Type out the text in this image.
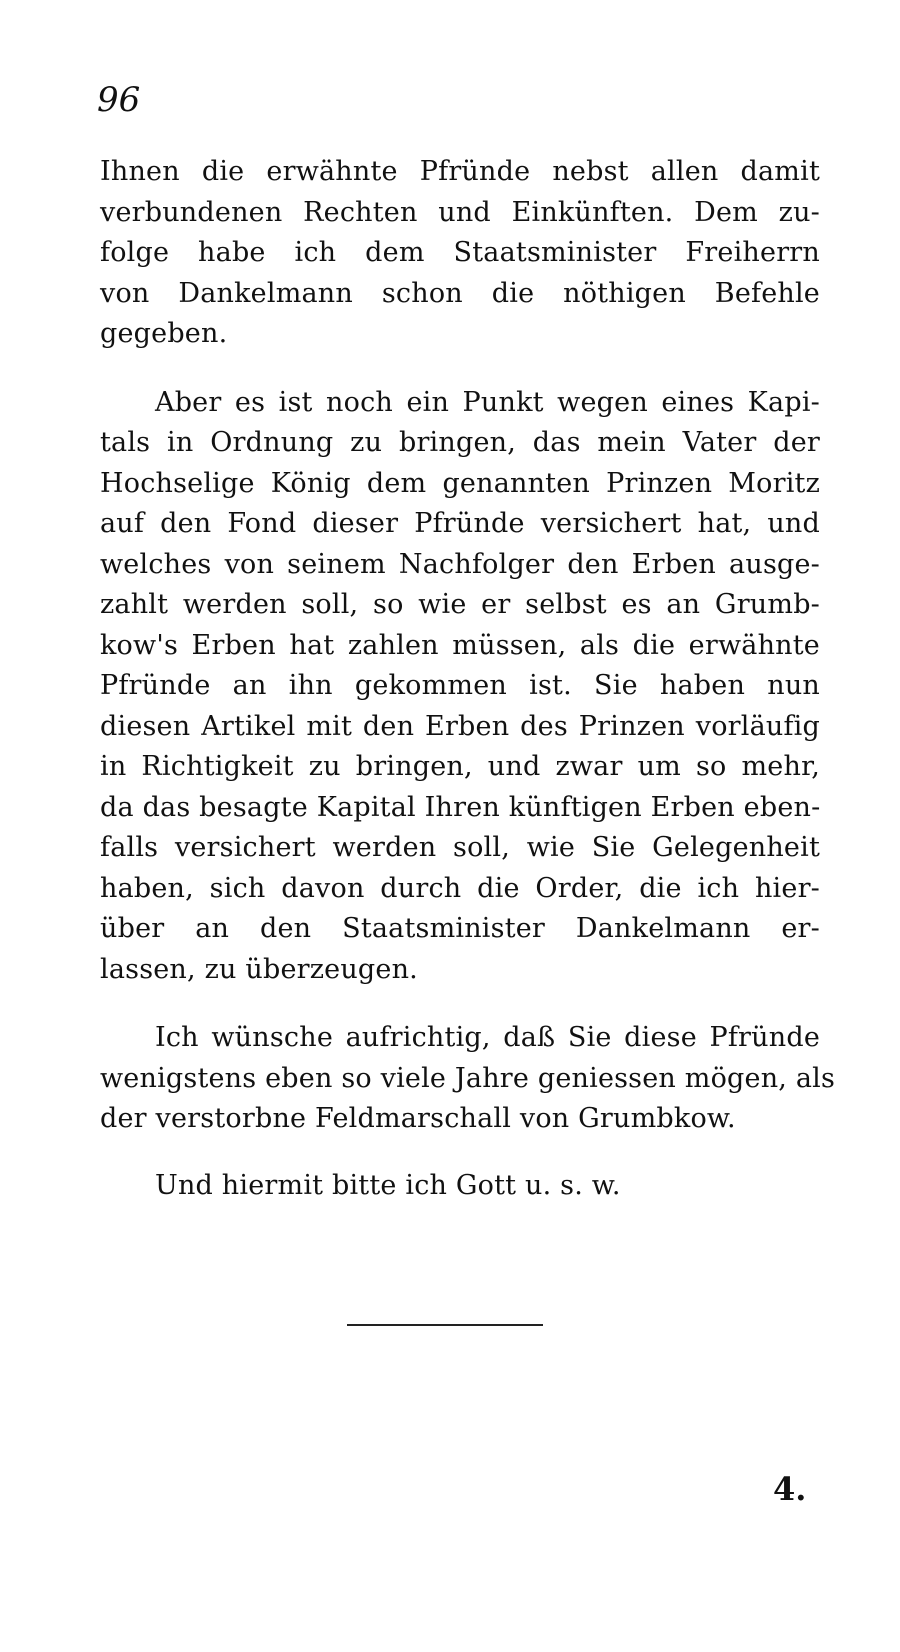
96
Ihnen die erwähnte Pfründe nebst allen damit
verbundenen Rechten und Einkünften. Dem zu-
folge habe ich dem Staatsminister Freiherrn
von Dankelmann schon die nöthigen Befehle
gegeben.
Aber es ist noch ein Punkt wegen eines Kapi-
tals in Ordnung zu bringen, das mein Vater der
Hochselige König dem genannten Prinzen Moritz
auf den Fond dieser Pfründe versichert hat, und
welches von seinem Nachfolger den Erben ausge-
zahlt werden soll, so wie er selbst es an Grumb-
kow's Erben hat zahlen müssen, als die erwähnte
Pfründe an ihn gekommen ist. Sie haben nun
diesen Artikel mit den Erben des Prinzen vorläufig
in Richtigkeit zu bringen, und zwar um so mehr,
da das besagte Kapital Ihren künftigen Erben eben-
falls versichert werden soll, wie Sie Gelegenheit
haben, sich davon durch die Order, die ich hier-
über an den Staatsminister Dankelmann er-
lassen, zu überzeugen.
Ich wünsche aufrichtig, daß Sie diese Pfründe
wenigstens eben so viele Jahre geniessen mögen, als
der verstorbne Feldmarschall von Grumbkow.
Und hiermit bitte ich Gott u. s. w.
4.
